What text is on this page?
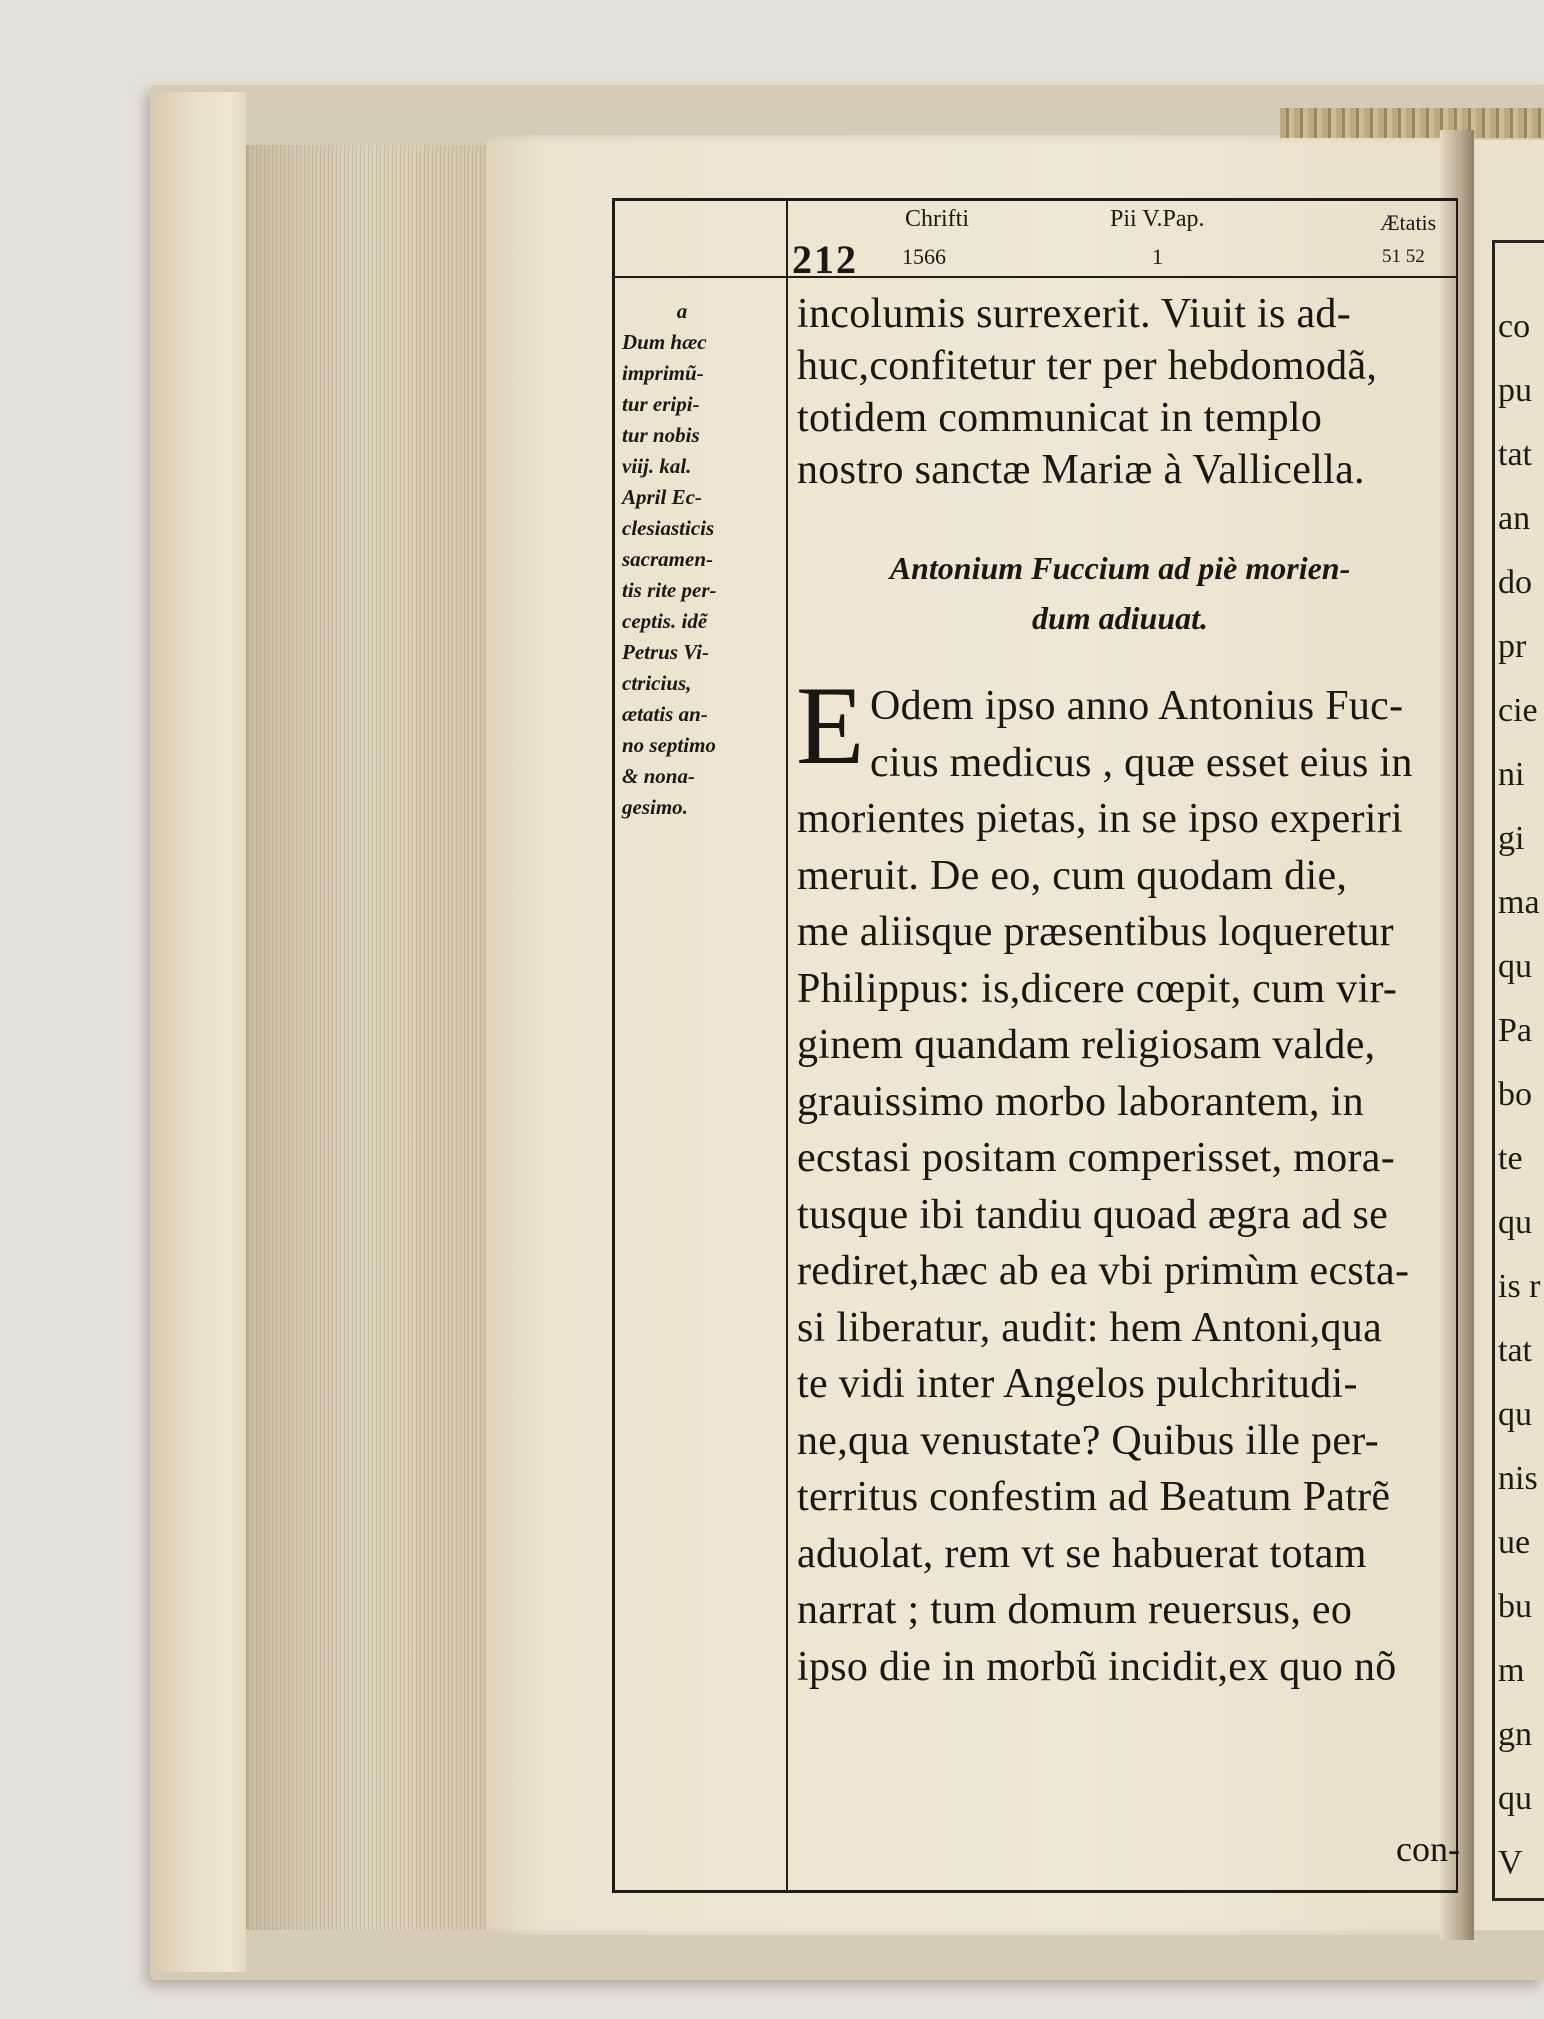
co
pu
tat
an
do
pr
cie
ni
gi
ma
qu
Pa
bo
te
qu
is r
tat
qu
nis
ue
bu
m
gn
qu
V
212
Chrifti
1566
Pii V.Pap.
1
Ætatis
51 52
a
Dum hæc
imprimũ-
tur eripi-
tur nobis
viij. kal.
April Ec-
clesiasticis
sacramen-
tis rite per-
ceptis. idẽ
Petrus Vi-
ctricius,
ætatis an-
no septimo
& nona-
gesimo.
incolumis surrexerit. Viuit is ad-
huc,confitetur ter per hebdomodã,
totidem communicat in templo
nostro sanctæ Mariæ à Vallicella.
Antonium Fuccium ad piè morien-
dum adiuuat.
E Odem ipso anno Antonius Fuc-
cius medicus , quæ esset eius in
morientes pietas, in se ipso experiri
meruit. De eo, cum quodam die,
me aliisque præsentibus loqueretur
Philippus: is,dicere cœpit, cum vir-
ginem quandam religiosam valde,
grauissimo morbo laborantem, in
ecstasi positam comperisset, mora-
tusque ibi tandiu quoad ægra ad se
rediret,hæc ab ea vbi primùm ecsta-
si liberatur, audit: hem Antoni,qua
te vidi inter Angelos pulchritudi-
ne,qua venustate? Quibus ille per-
territus confestim ad Beatum Patrẽ
aduolat, rem vt se habuerat totam
narrat ; tum domum reuersus, eo
ipso die in morbũ incidit,ex quo nõ
con-
